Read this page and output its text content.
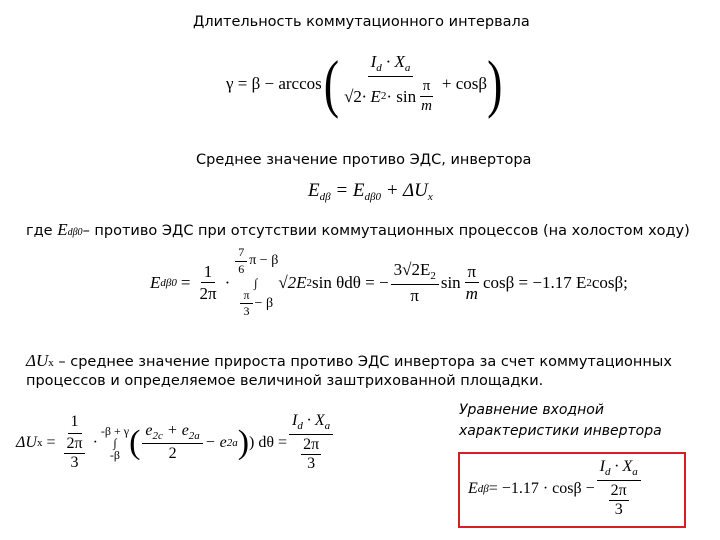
Длительность коммутационного интервала
γ = β − arccos ( $\frac{I_d \cdot X_a}{√2 \cdot E 2 \cdot \sin \frac{\pi}{m}} + \cos\beta$ )
Среднее значение противо ЭДС, инвертора
$E_{d\beta} = E_{d\beta 0} + \Delta U_x$
где Edβ0– противо ЭДС при отсутствии коммутационных процессов (на холостом ходу)
E $d\beta 0 = \frac{1}{2\pi}$ ·
$\frac{7}{6}$ π − β
∫
$\frac{\pi}{3} - \beta$
√2E 2 sin θdθ = − $\frac{3√2E_2}{\pi}$ $\sin \frac{\pi}{m}$ cosβ = −1.17 E 2 cosβ;
ΔUx – среднее значение прироста противо ЭДС инвертора за счет коммутационных
процессов и определяемое величиной заштрихованной площадки.
Уравнение входной
характеристики инвертора
ΔU x = 1
2π
3 ·
-β + γ
∫
-β ( $\frac{e_{2c} + e_{2a}}{2} - e$ 2a ) ) $d\theta = I_d \cdot X_a$
2π
3
E $d\beta = -1.17 \cdot \cos\beta - I_d \cdot X_a$
2π
3
